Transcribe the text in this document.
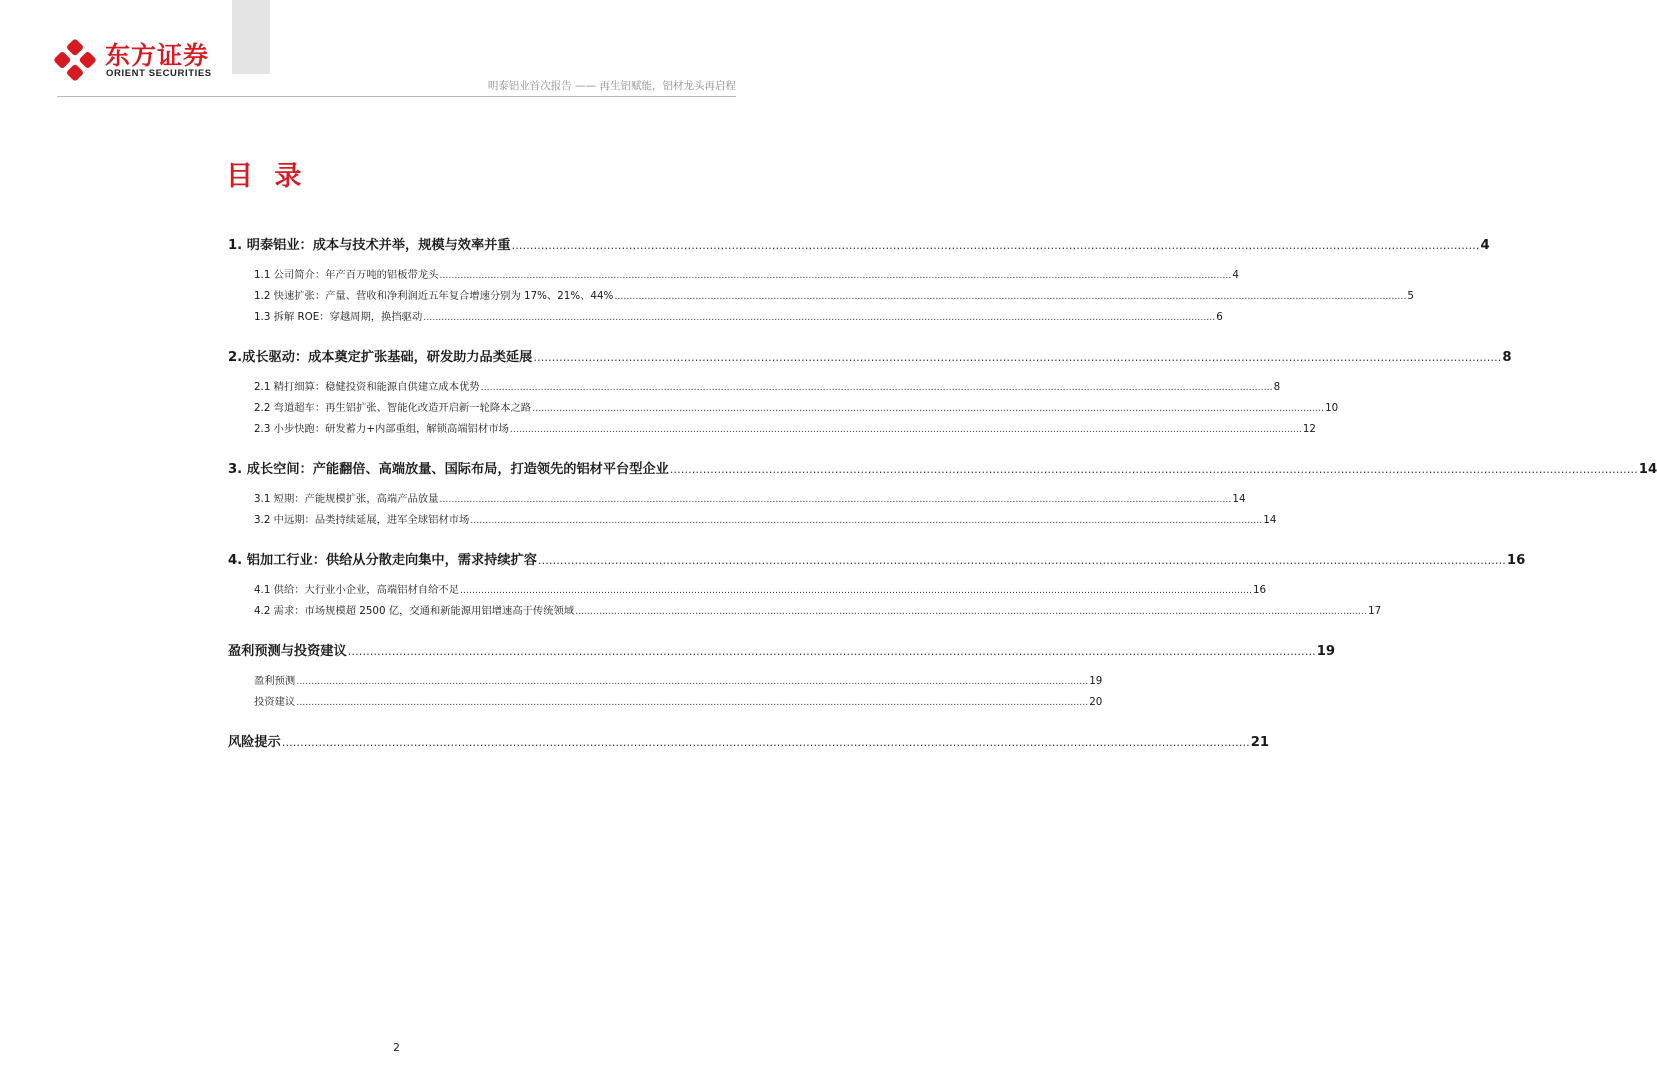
东方证券
ORIENT SECURITIES
明泰铝业首次报告 —— 再生铝赋能，铝材龙头再启程
目 录
1. 明泰铝业：成本与技术并举，规模与效率并重 ………………………………………………………………………………………………………………………………………………………………………………………………………………………………………… 4
1.1 公司简介：年产百万吨的铝板带龙头 ………………………………………………………………………………………………………………………………………………………………………………………………………………………………………… 4
1.2 快速扩张：产量、营收和净利润近五年复合增速分别为 17%、21%、44% ………………………………………………………………………………………………………………………………………………………………………………………………………………………………………… 5
1.3 拆解 ROE：穿越周期，换挡驱动 ………………………………………………………………………………………………………………………………………………………………………………………………………………………………………… 6
2.成长驱动：成本奠定扩张基础，研发助力品类延展 ………………………………………………………………………………………………………………………………………………………………………………………………………………………………………… 8
2.1 精打细算：稳健投资和能源自供建立成本优势 ………………………………………………………………………………………………………………………………………………………………………………………………………………………………………… 8
2.2 弯道超车：再生铝扩张、智能化改造开启新一轮降本之路 ………………………………………………………………………………………………………………………………………………………………………………………………………………………………………… 10
2.3 小步快跑：研发蓄力+内部重组，解锁高端铝材市场 ………………………………………………………………………………………………………………………………………………………………………………………………………………………………………… 12
3. 成长空间：产能翻倍、高端放量、国际布局，打造领先的铝材平台型企业 ………………………………………………………………………………………………………………………………………………………………………………………………………………………………………… 14
3.1 短期：产能规模扩张，高端产品放量 ………………………………………………………………………………………………………………………………………………………………………………………………………………………………………… 14
3.2 中远期：品类持续延展，进军全球铝材市场 ………………………………………………………………………………………………………………………………………………………………………………………………………………………………………… 14
4. 铝加工行业：供给从分散走向集中，需求持续扩容 ………………………………………………………………………………………………………………………………………………………………………………………………………………………………………… 16
4.1 供给：大行业小企业，高端铝材自给不足 ………………………………………………………………………………………………………………………………………………………………………………………………………………………………………… 16
4.2 需求：市场规模超 2500 亿，交通和新能源用铝增速高于传统领域 ………………………………………………………………………………………………………………………………………………………………………………………………………………………………………… 17
盈利预测与投资建议 ………………………………………………………………………………………………………………………………………………………………………………………………………………………………………… 19
盈利预测 ………………………………………………………………………………………………………………………………………………………………………………………………………………………………………… 19
投资建议 ………………………………………………………………………………………………………………………………………………………………………………………………………………………………………… 20
风险提示 ………………………………………………………………………………………………………………………………………………………………………………………………………………………………………… 21
2
